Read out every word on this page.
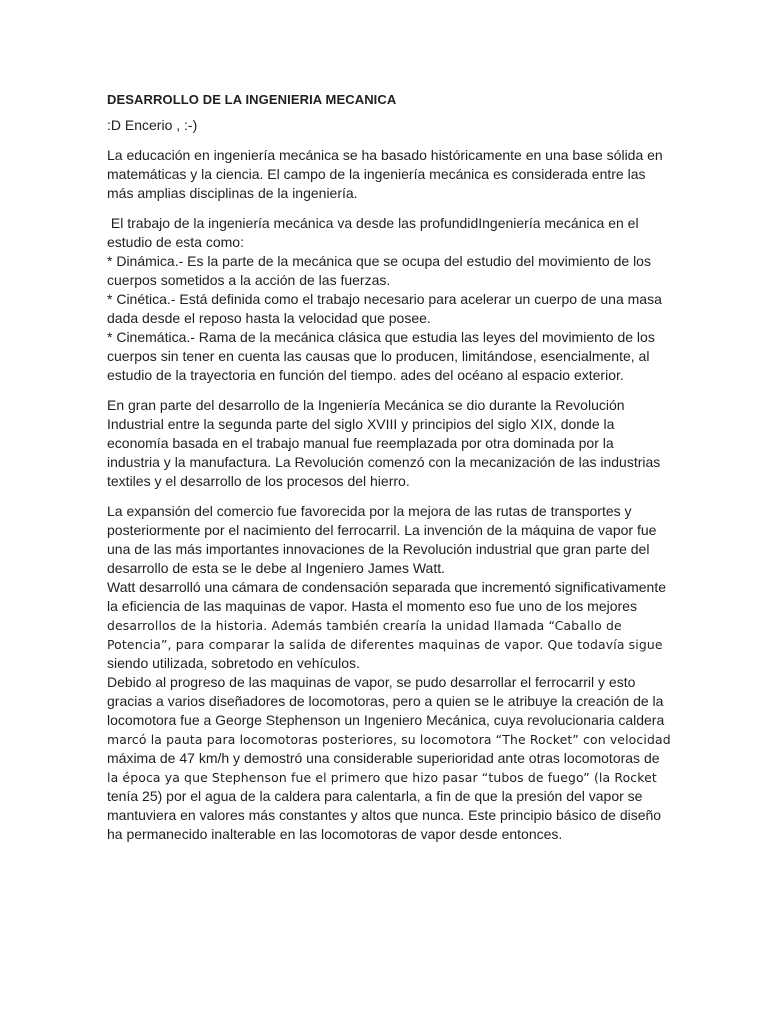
DESARROLLO DE LA INGENIERIA MECANICA
:D Encerio , :-)
La educación en ingeniería mecánica se ha basado históricamente en una base sólida en
matemáticas y la ciencia. El campo de la ingeniería mecánica es considerada entre las
más amplias disciplinas de la ingeniería.
El trabajo de la ingeniería mecánica va desde las profundidIngeniería mecánica en el
estudio de esta como:
* Dinámica.- Es la parte de la mecánica que se ocupa del estudio del movimiento de los
cuerpos sometidos a la acción de las fuerzas.
* Cinética.- Está definida como el trabajo necesario para acelerar un cuerpo de una masa
dada desde el reposo hasta la velocidad que posee.
* Cinemática.- Rama de la mecánica clásica que estudia las leyes del movimiento de los
cuerpos sin tener en cuenta las causas que lo producen, limitándose, esencialmente, al
estudio de la trayectoria en función del tiempo. ades del océano al espacio exterior.
En gran parte del desarrollo de la Ingeniería Mecánica se dio durante la Revolución
Industrial entre la segunda parte del siglo XVIII y principios del siglo XIX, donde la
economía basada en el trabajo manual fue reemplazada por otra dominada por la
industria y la manufactura. La Revolución comenzó con la mecanización de las industrias
textiles y el desarrollo de los procesos del hierro.
La expansión del comercio fue favorecida por la mejora de las rutas de transportes y
posteriormente por el nacimiento del ferrocarril. La invención de la máquina de vapor fue
una de las más importantes innovaciones de la Revolución industrial que gran parte del
desarrollo de esta se le debe al Ingeniero James Watt.
Watt desarrolló una cámara de condensación separada que incrementó significativamente
la eficiencia de las maquinas de vapor. Hasta el momento eso fue uno de los mejores
desarrollos de la historia. Además también crearía la unidad llamada “Caballo de
Potencia”, para comparar la salida de diferentes maquinas de vapor. Que todavía sigue
siendo utilizada, sobretodo en vehículos.
Debido al progreso de las maquinas de vapor, se pudo desarrollar el ferrocarril y esto
gracias a varios diseñadores de locomotoras, pero a quien se le atribuye la creación de la
locomotora fue a George Stephenson un Ingeniero Mecánica, cuya revolucionaria caldera
marcó la pauta para locomotoras posteriores, su locomotora “The Rocket” con velocidad
máxima de 47 km/h y demostró una considerable superioridad ante otras locomotoras de
la época ya que Stephenson fue el primero que hizo pasar “tubos de fuego” (la Rocket
tenía 25) por el agua de la caldera para calentarla, a fin de que la presión del vapor se
mantuviera en valores más constantes y altos que nunca. Este principio básico de diseño
ha permanecido inalterable en las locomotoras de vapor desde entonces.
